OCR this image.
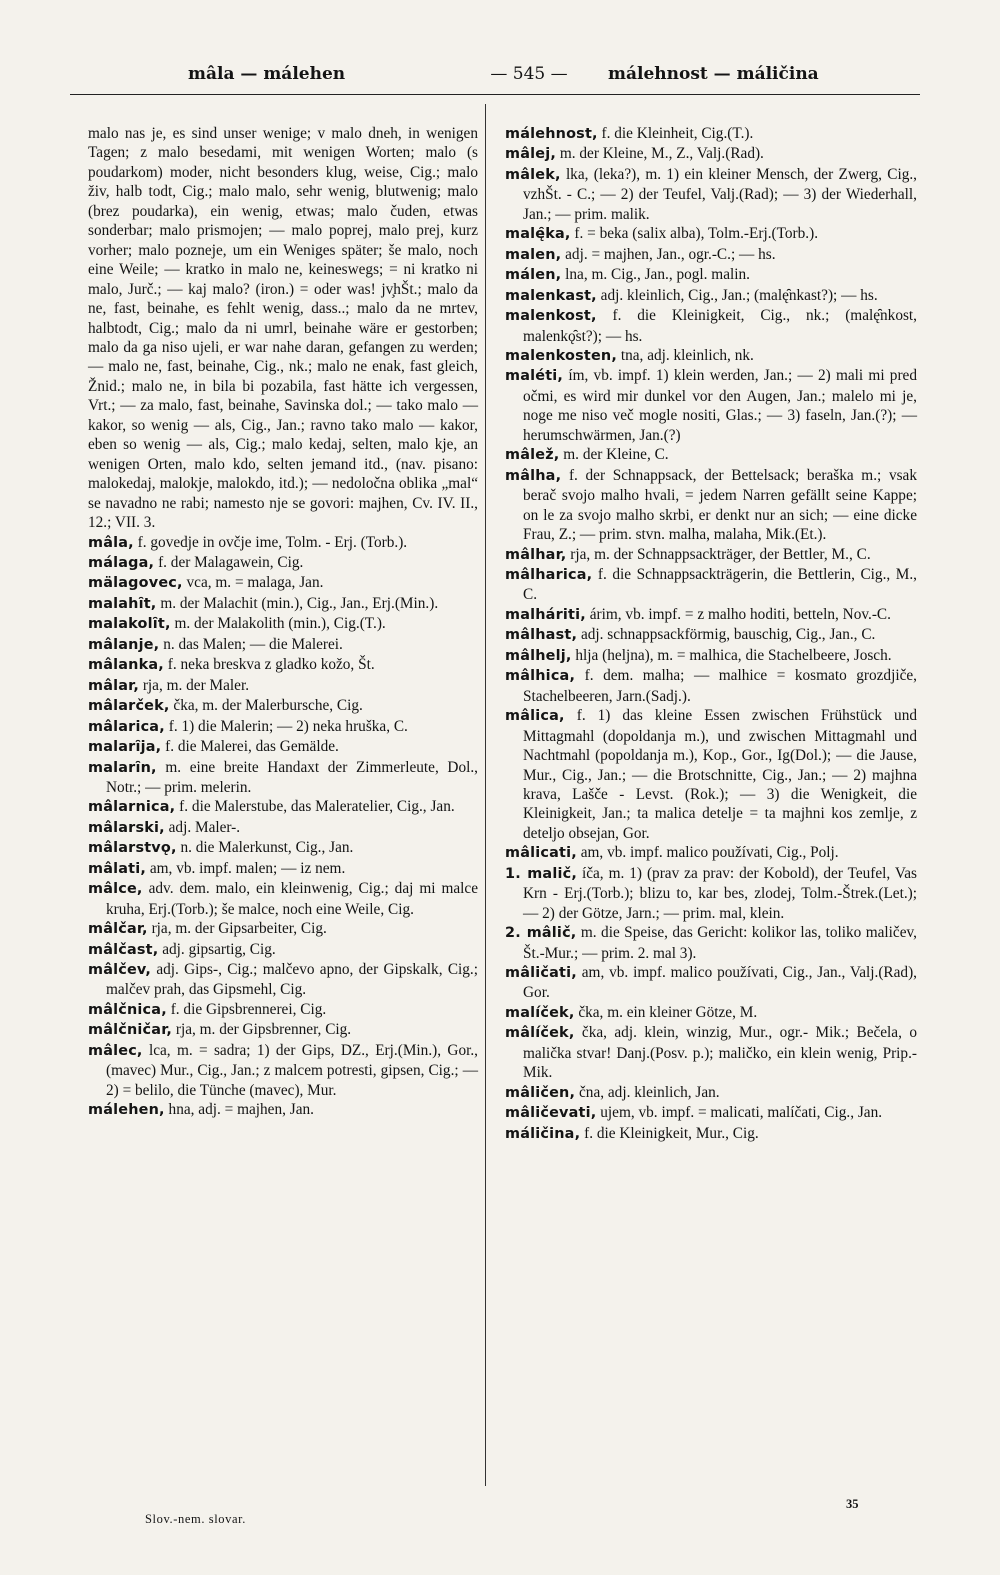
mâla — málehen	— 545 —	málehnost — máličina

malo nas je, es sind unser wenige; v malo dneh, in wenigen Tagen; z malo besedami, mit wenigen Worten; malo (s poudarkom) moder, nicht besonders klug, weise, Cig.; malo živ, halb todt, Cig.; malo malo, sehr wenig, blutwenig; malo (brez poudarka), ein wenig, etwas; malo čuden, etwas sonderbar; malo prismojen; — malo poprej, malo prej, kurz vorher; malo pozneje, um ein Weniges später; še malo, noch eine Weile; — kratko in malo ne, keineswegs; = ni kratko ni malo, Jurč.; — kaj malo? (iron.) = oder was! jv̧hŠt.; malo da ne, fast, beinahe, es fehlt wenig, dass..; malo da ne mrtev, halbtodt, Cig.; malo da ni umrl, beinahe wäre er gestorben; malo da ga niso ujeli, er war nahe daran, gefangen zu werden; — malo ne, fast, beinahe, Cig., nk.; malo ne enak, fast gleich, Žnid.; malo ne, in bila bi pozabila, fast hätte ich vergessen, Vrt.; — za malo, fast, beinahe, Savinska dol.; — tako malo — kakor, so wenig — als, Cig., Jan.; ravno tako malo — kakor, eben so wenig — als, Cig.; malo kedaj, selten, malo kje, an wenigen Orten, malo kdo, selten jemand itd., (nav. pisano: malokedaj, malokje, malokdo, itd.); — nedoločna oblika „mal“ se navadno ne rabi; namesto nje se govori: majhen, Cv. IV. II., 12.; VII. 3.

mâla, f. govedje in ovčje ime, Tolm. - Erj. (Torb.).

málaga, f. der Malagawein, Cig.

mälagovec, vca, m. = malaga, Jan.

malahȋt, m. der Malachit (min.), Cig., Jan., Erj.(Min.).

malakolȋt, m. der Malakolith (min.), Cig.(T.).

mâlanje, n. das Malen; — die Malerei.

mâlanka, f. neka breskva z gladko kožo, Št.

mâlar, rja, m. der Maler.

mâlarček, čka, m. der Malerbursche, Cig.

mâlarica, f. 1) die Malerin; — 2) neka hruška, C.

malarȋja, f. die Malerei, das Gemälde.

malarȋn, m. eine breite Handaxt der Zimmerleute, Dol., Notr.; — prim. melerin.

mâlarnica, f. die Malerstube, das Maleratelier, Cig., Jan.

mâlarski, adj. Maler-.

mâlarstvǫ, n. die Malerkunst, Cig., Jan.

mâlati, am, vb. impf. malen; — iz nem.

mâlce, adv. dem. malo, ein kleinwenig, Cig.; daj mi malce kruha, Erj.(Torb.); še malce, noch eine Weile, Cig.

mâlčar, rja, m. der Gipsarbeiter, Cig.

mâlčast, adj. gipsartig, Cig.

mâlčev, adj. Gips-, Cig.; malčevo apno, der Gipskalk, Cig.; malčev prah, das Gipsmehl, Cig.

mâlčnica, f. die Gipsbrennerei, Cig.

mâlčničar, rja, m. der Gipsbrenner, Cig.

mâlec, lca, m. = sadra; 1) der Gips, DZ., Erj.(Min.), Gor., (mavec) Mur., Cig., Jan.; z malcem potresti, gipsen, Cig.; — 2) = belilo, die Tünche (mavec), Mur.

málehen, hna, adj. = majhen, Jan.

málehnost, f. die Kleinheit, Cig.(T.).

mâlej, m. der Kleine, M., Z., Valj.(Rad).

mâlek, lka, (leka?), m. 1) ein kleiner Mensch, der Zwerg, Cig., vzhŠt. - C.; — 2) der Teufel, Valj.(Rad); — 3) der Wiederhall, Jan.; — prim. malik.

malę̑ka, f. = beka (salix alba), Tolm.-Erj.(Torb.).

malen, adj. = majhen, Jan., ogr.-C.; — hs.

málen, lna, m. Cig., Jan., pogl. malin.

malenkast, adj. kleinlich, Cig., Jan.; (malę̑nkast?); — hs.

malenkost, f. die Kleinigkeit, Cig., nk.; (malę̑nkost, malenkǫ̑st?); — hs.

malenkosten, tna, adj. kleinlich, nk.

maléti, ím, vb. impf. 1) klein werden, Jan.; — 2) mali mi pred očmi, es wird mir dunkel vor den Augen, Jan.; malelo mi je, noge me niso več mogle nositi, Glas.; — 3) faseln, Jan.(?); — herumschwärmen, Jan.(?)

mâlež, m. der Kleine, C.

mâlha, f. der Schnappsack, der Bettelsack; beraška m.; vsak berač svojo malho hvali, = jedem Narren gefällt seine Kappe; on le za svojo malho skrbi, er denkt nur an sich; — eine dicke Frau, Z.; — prim. stvn. malha, malaha, Mik.(Et.).

mâlhar, rja, m. der Schnappsackträger, der Bettler, M., C.

mâlharica, f. die Schnappsackträgerin, die Bettlerin, Cig., M., C.

malháriti, árim, vb. impf. = z malho hoditi, betteln, Nov.-C.

mâlhast, adj. schnappsackförmig, bauschig, Cig., Jan., C.

mâlhelj, hlja (heljna), m. = malhica, die Stachelbeere, Josch.

mâlhica, f. dem. malha; — malhice = kosmato grozdjiče, Stachelbeeren, Jarn.(Sadj.).

mâlica, f. 1) das kleine Essen zwischen Frühstück und Mittagmahl (dopoldanja m.), und zwischen Mittagmahl und Nachtmahl (popoldanja m.), Kop., Gor., Ig(Dol.); — die Jause, Mur., Cig., Jan.; — die Brotschnitte, Cig., Jan.; — 2) majhna krava, Lašče - Levst. (Rok.); — 3) die Wenigkeit, die Kleinigkeit, Jan.; ta malica detelje = ta majhni kos zemlje, z deteljo obsejan, Gor.

mâlicati, am, vb. impf. malico používati, Cig., Polj.

1. malič, íča, m. 1) (prav za prav: der Kobold), der Teufel, Vas Krn - Erj.(Torb.); blizu to, kar bes, zlodej, Tolm.-Štrek.(Let.); — 2) der Götze, Jarn.; — prim. mal, klein.

2. mâlič, m. die Speise, das Gericht: kolikor las, toliko maličev, Št.-Mur.; — prim. 2. mal 3).

mâličati, am, vb. impf. malico používati, Cig., Jan., Valj.(Rad), Gor.

malíček, čka, m. ein kleiner Götze, M.

mâlíček, čka, adj. klein, winzig, Mur., ogr.- Mik.; Bečela, o malička stvar! Danj.(Posv. p.); maličko, ein klein wenig, Prip.-Mik.

mâličen, čna, adj. kleinlich, Jan.

mâličevati, ujem, vb. impf. = malicati, malíčati, Cig., Jan.

máličina, f. die Kleinigkeit, Mur., Cig.

Slov.-nem. slovar.
35
